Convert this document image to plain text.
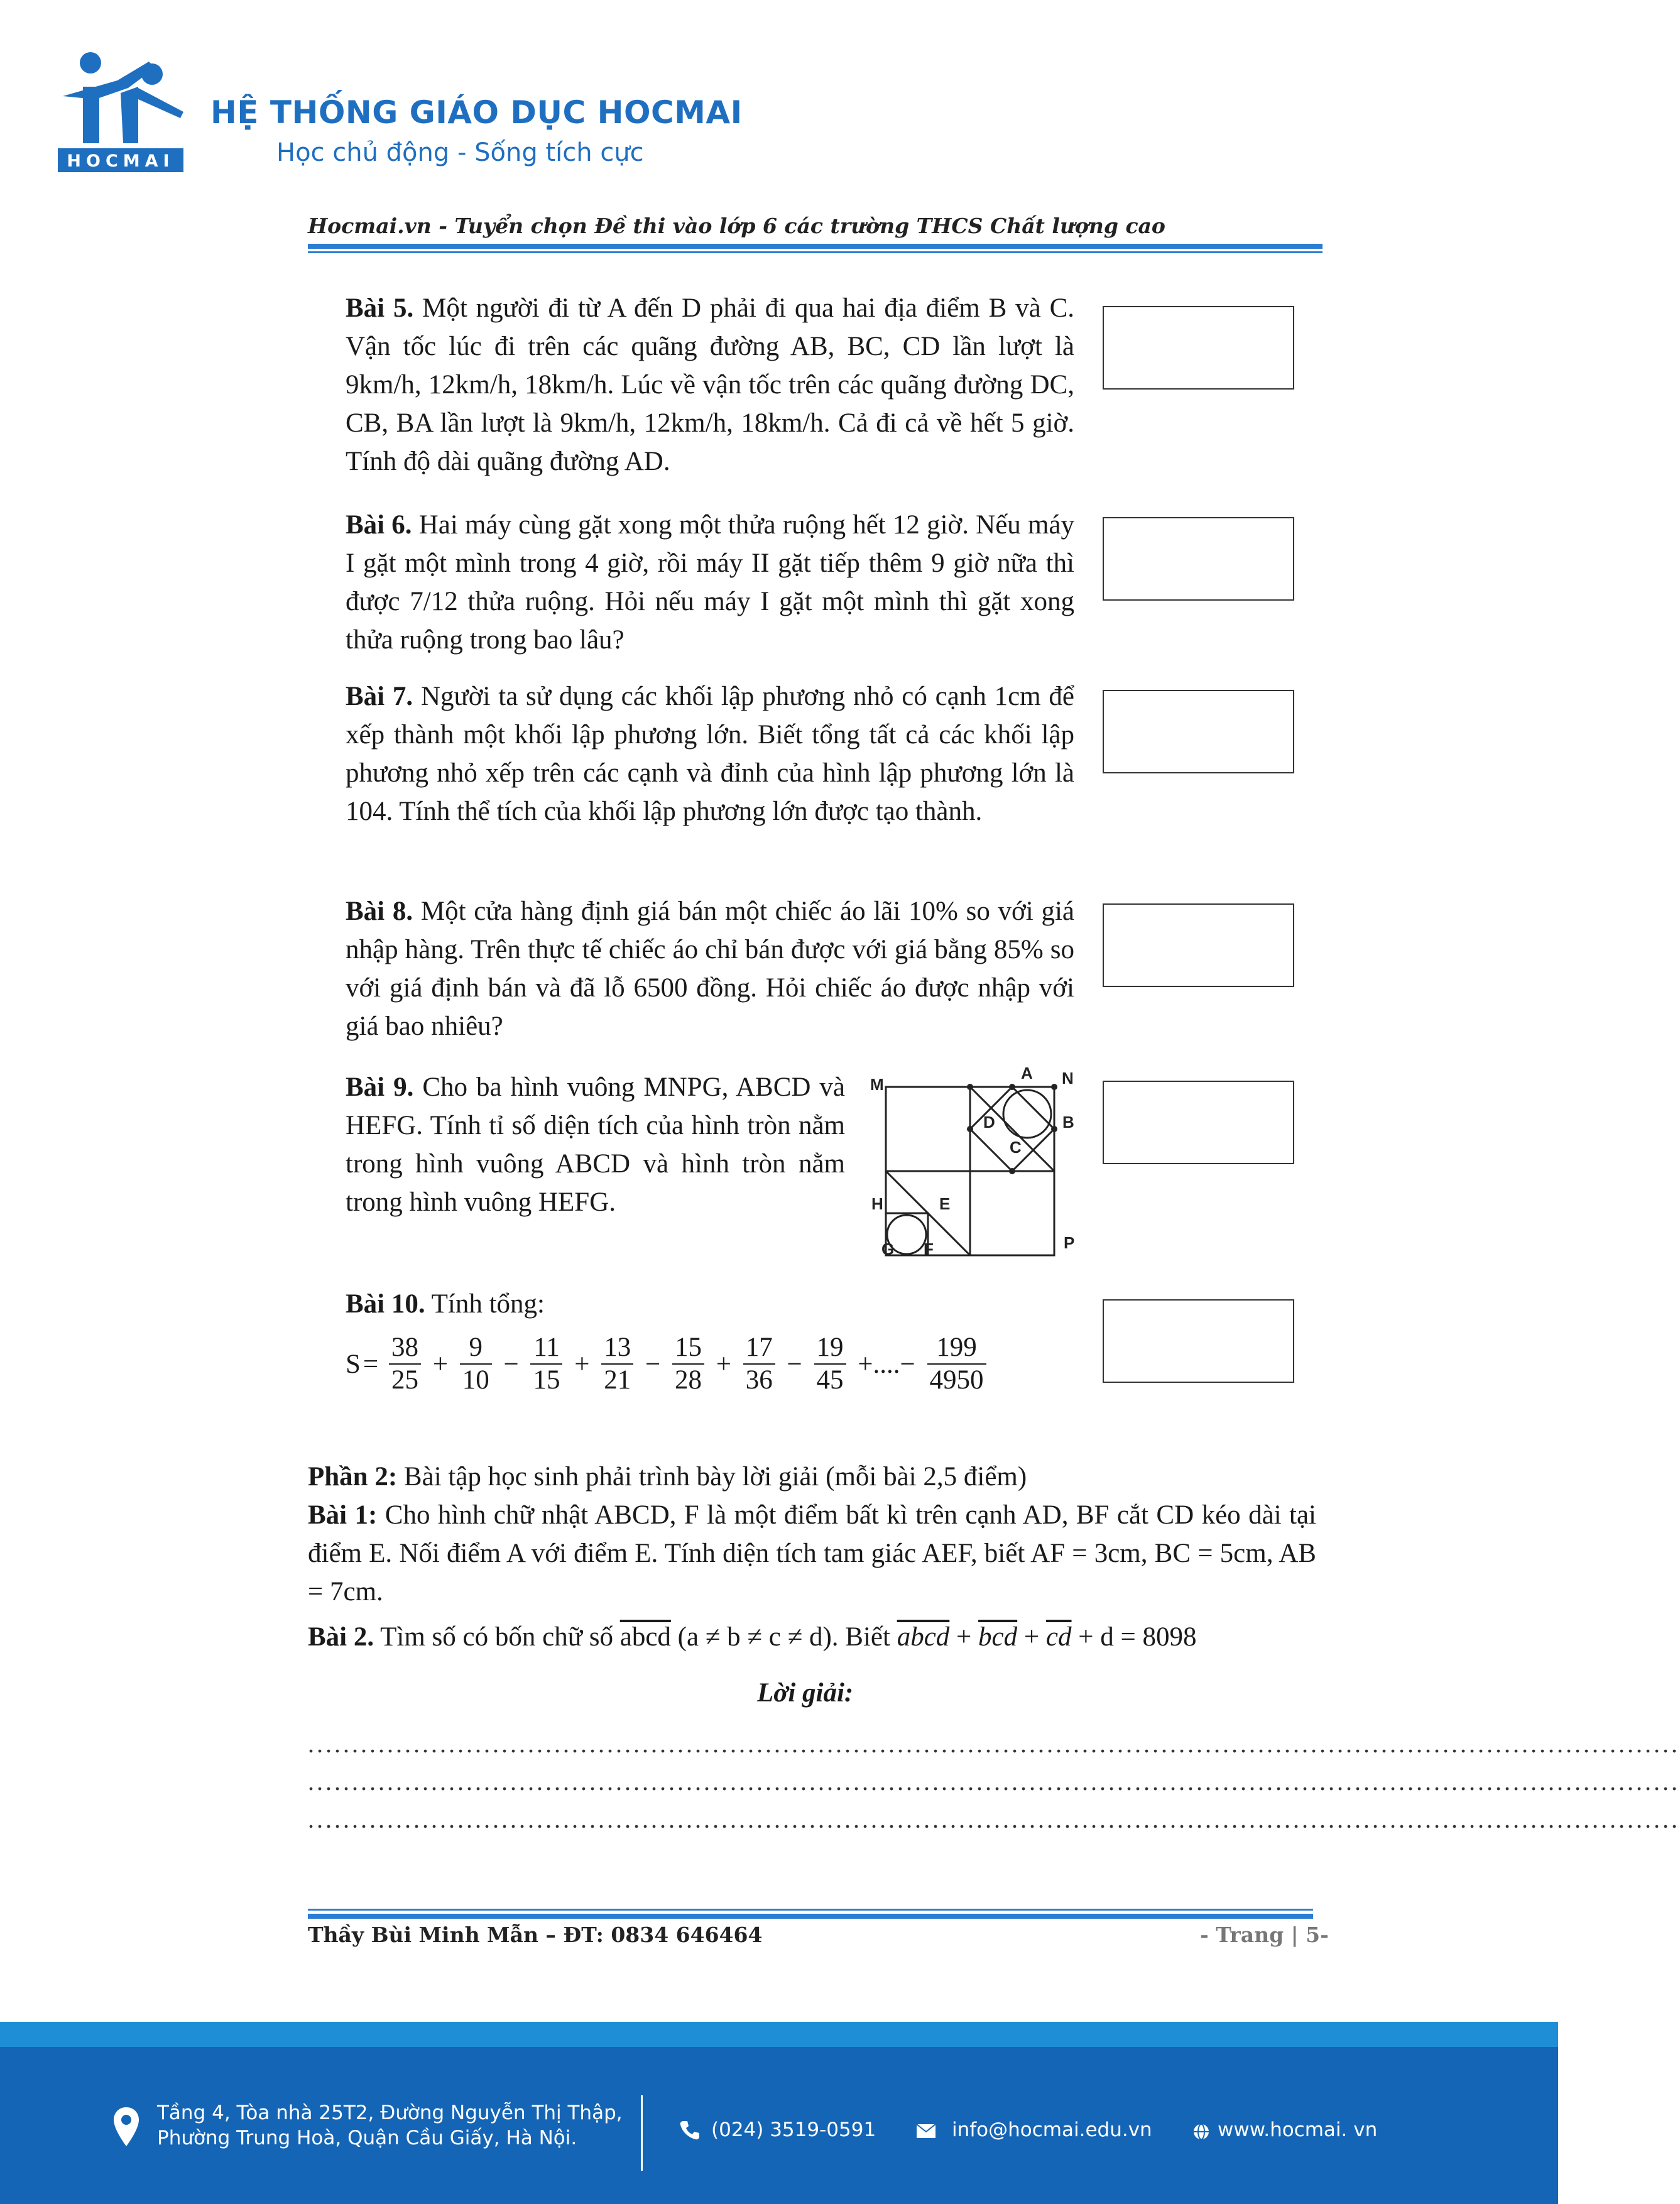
HOCMAI
HỆ THỐNG GIÁO DỤC HOCMAI
Học chủ động - Sống tích cực
Hocmai.vn - Tuyển chọn Đề thi vào lớp 6 các trường THCS Chất lượng cao
Bài 5. Một người đi từ A đến D phải đi qua hai địa điểm B và C. Vận tốc lúc đi trên các quãng đường AB, BC, CD lần lượt là 9km/h, 12km/h, 18km/h. Lúc về vận tốc trên các quãng đường DC, CB, BA lần lượt là 9km/h, 12km/h, 18km/h. Cả đi cả về hết 5 giờ. Tính độ dài quãng đường AD.
Bài 6. Hai máy cùng gặt xong một thửa ruộng hết 12 giờ. Nếu máy I gặt một mình trong 4 giờ, rồi máy II gặt tiếp thêm 9 giờ nữa thì được 7/12 thửa ruộng. Hỏi nếu máy I gặt một mình thì gặt xong thửa ruộng trong bao lâu?
Bài 7. Người ta sử dụng các khối lập phương nhỏ có cạnh 1cm để xếp thành một khối lập phương lớn. Biết tổng tất cả các khối lập phương nhỏ xếp trên các cạnh và đỉnh của hình lập phương lớn là 104. Tính thể tích của khối lập phương lớn được tạo thành.
Bài 8. Một cửa hàng định giá bán một chiếc áo lãi 10% so với giá nhập hàng. Trên thực tế chiếc áo chỉ bán được với giá bằng 85% so với giá định bán và đã lỗ 6500 đồng. Hỏi chiếc áo được nhập với giá bao nhiêu?
Bài 9. Cho ba hình vuông MNPG, ABCD và HEFG. Tính tỉ số diện tích của hình tròn nằm trong hình vuông ABCD và hình tròn nằm trong hình vuông HEFG.
M
A N
D	B
C
H	E
G F	P
Bài 10. Tính tổng:
$S= \frac{38}{25} + \frac{9}{10} - \frac{11}{15} + \frac{13}{21} - \frac{15}{28} + \frac{17}{36} - \frac{19}{45}$ +....− $\frac{199}{4950}$
Phần 2: Bài tập học sinh phải trình bày lời giải (mỗi bài 2,5 điểm)
Bài 1: Cho hình chữ nhật ABCD, F là một điểm bất kì trên cạnh AD, BF cắt CD kéo dài tại điểm E. Nối điểm A với điểm E. Tính diện tích tam giác AEF, biết AF = 3cm, BC = 5cm, AB = 7cm.
Bài 2. Tìm số có bốn chữ số abcd (a ≠ b ≠ c ≠ d). Biết abcd + $\overline{bcd} + \overline{cd} + d = 8098$
Lời giải:
............................................................................................................................................................
............................................................................................................................................................
............................................................................................................................................................
Thầy Bùi Minh Mẫn – ĐT: 0834 646464	- Trang | 5-
Tầng 4, Tòa nhà 25T2, Đường Nguyễn Thị Thập,
Phường Trung Hoà, Quận Cầu Giấy, Hà Nội.	(024) 3519-0591	info@hocmai.edu.vn	www.hocmai. vn
